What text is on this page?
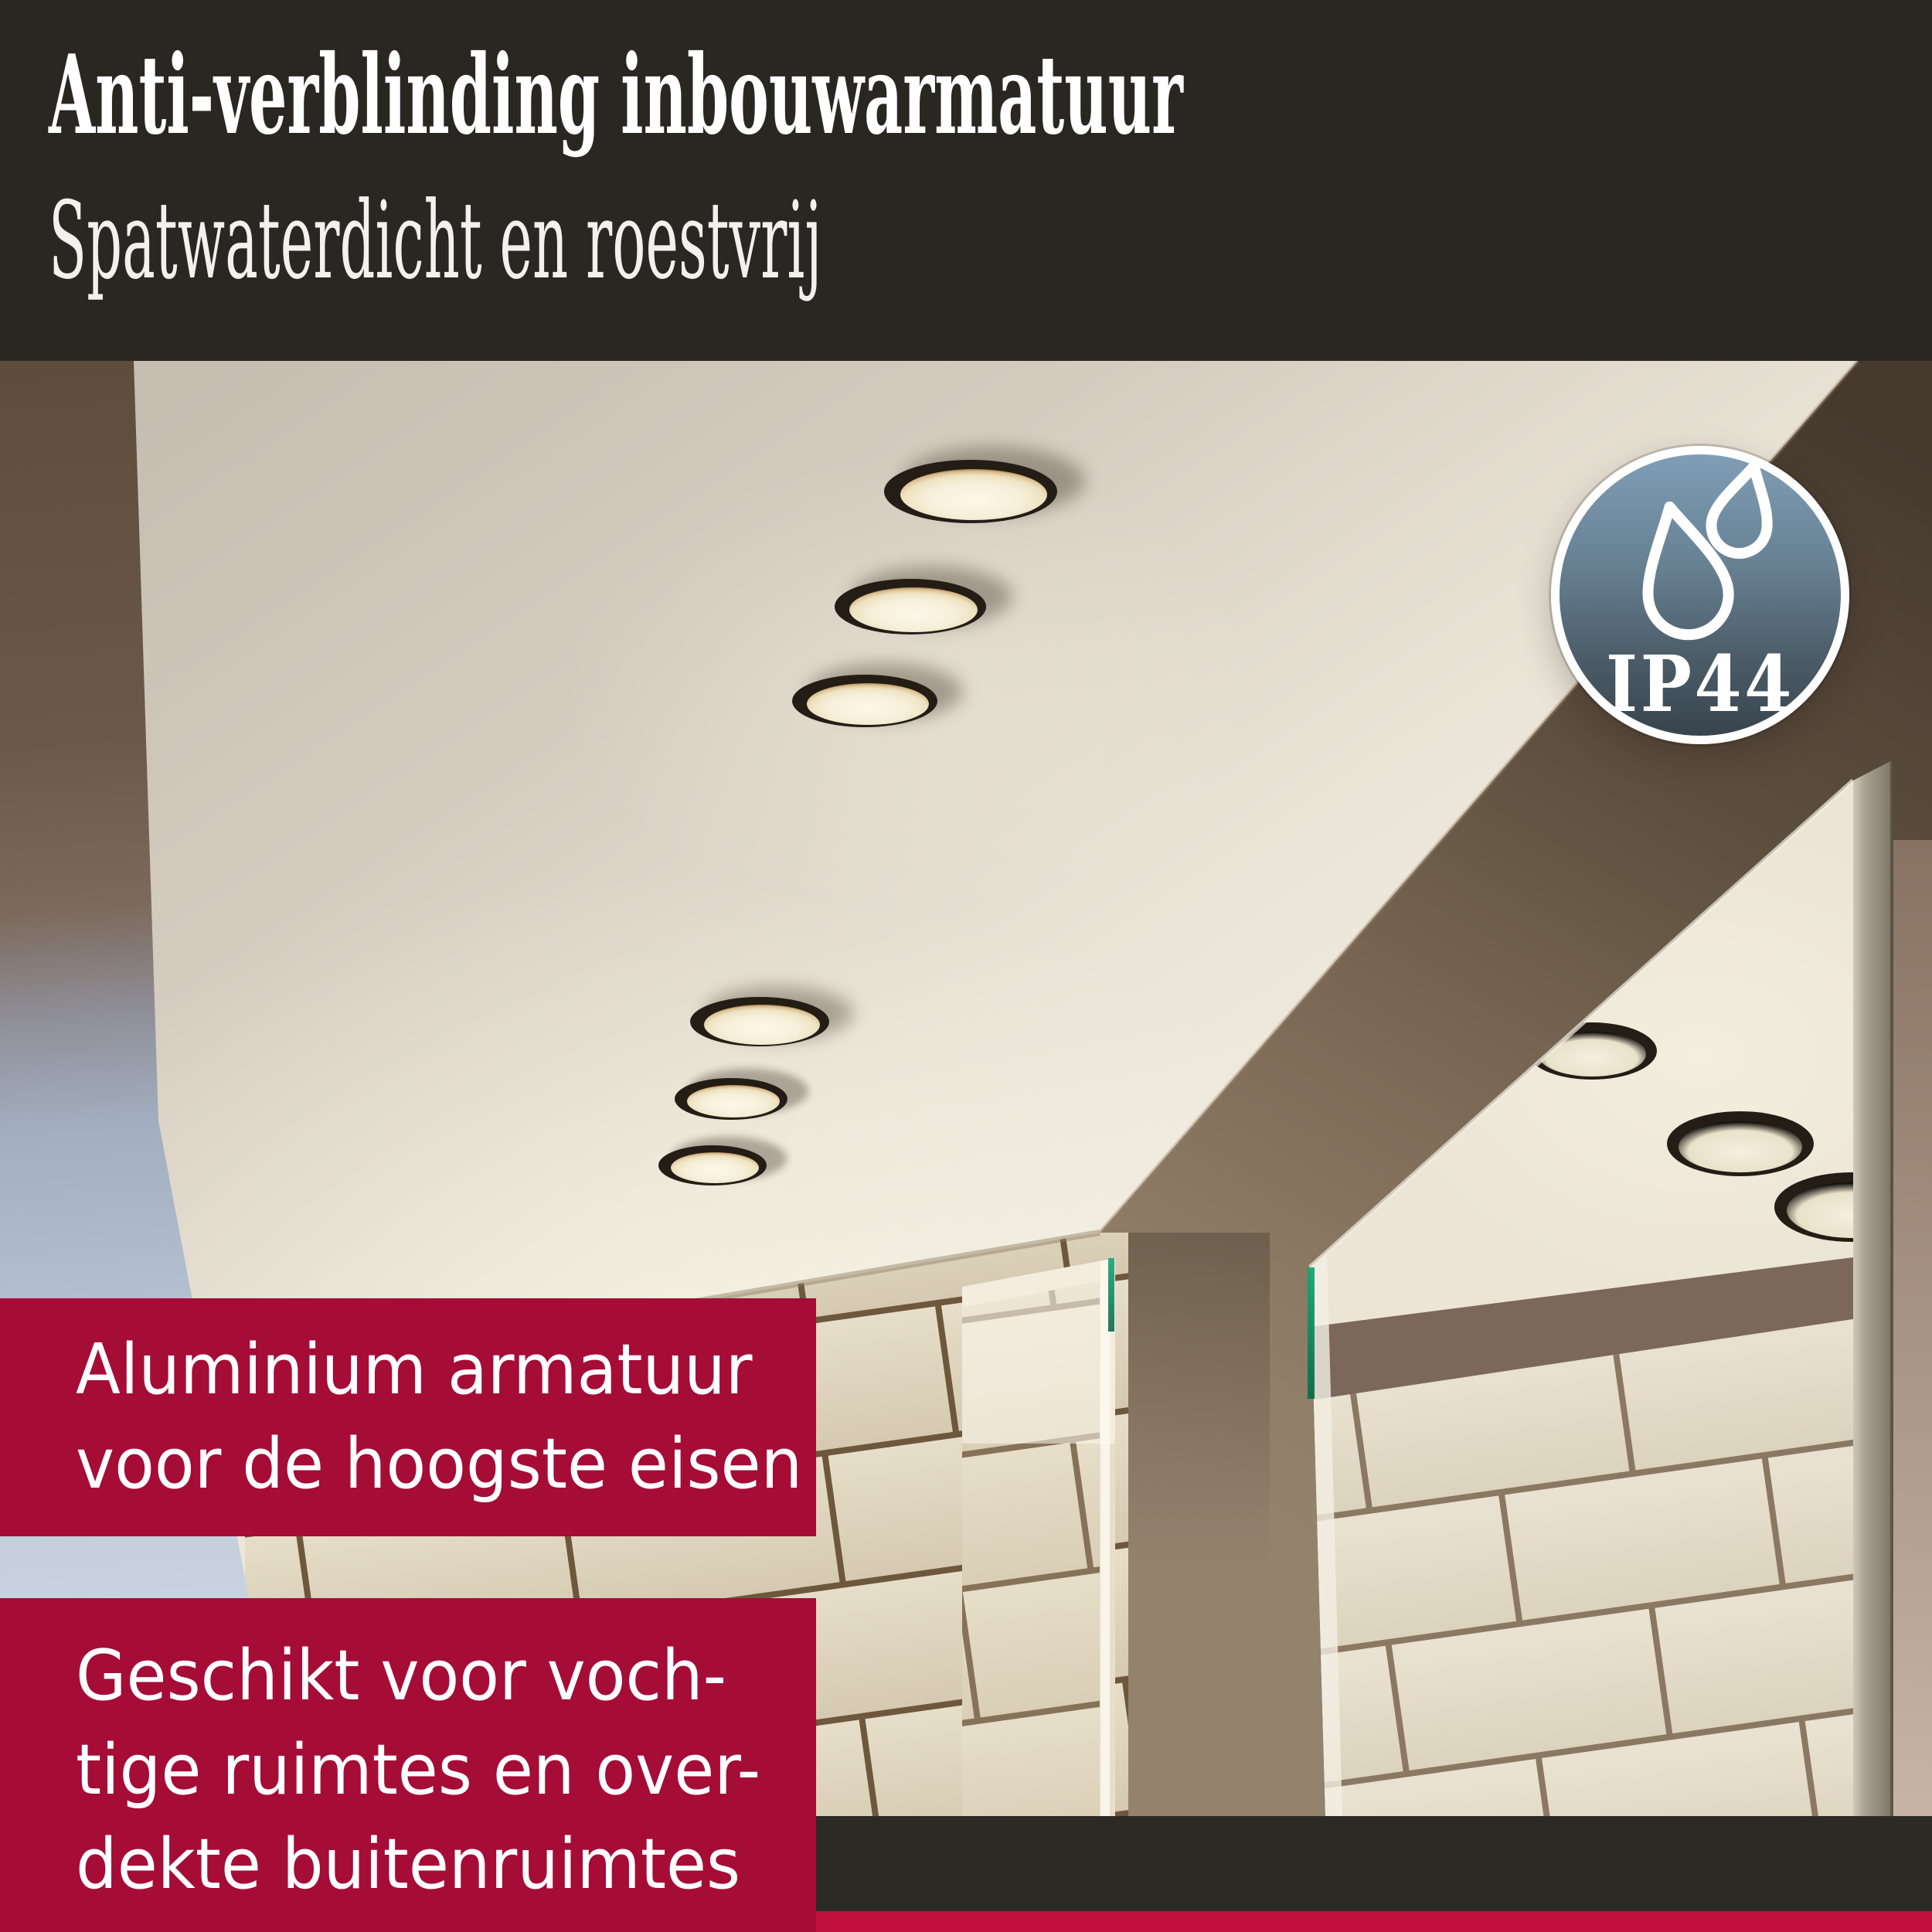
Anti-verblinding inbouwarmatuur
Spatwaterdicht en roestvrij
IP44

Aluminium armatuur

voor de hoogste eisen

Geschikt voor voch-

tige ruimtes en over-

dekte buitenruimtes
